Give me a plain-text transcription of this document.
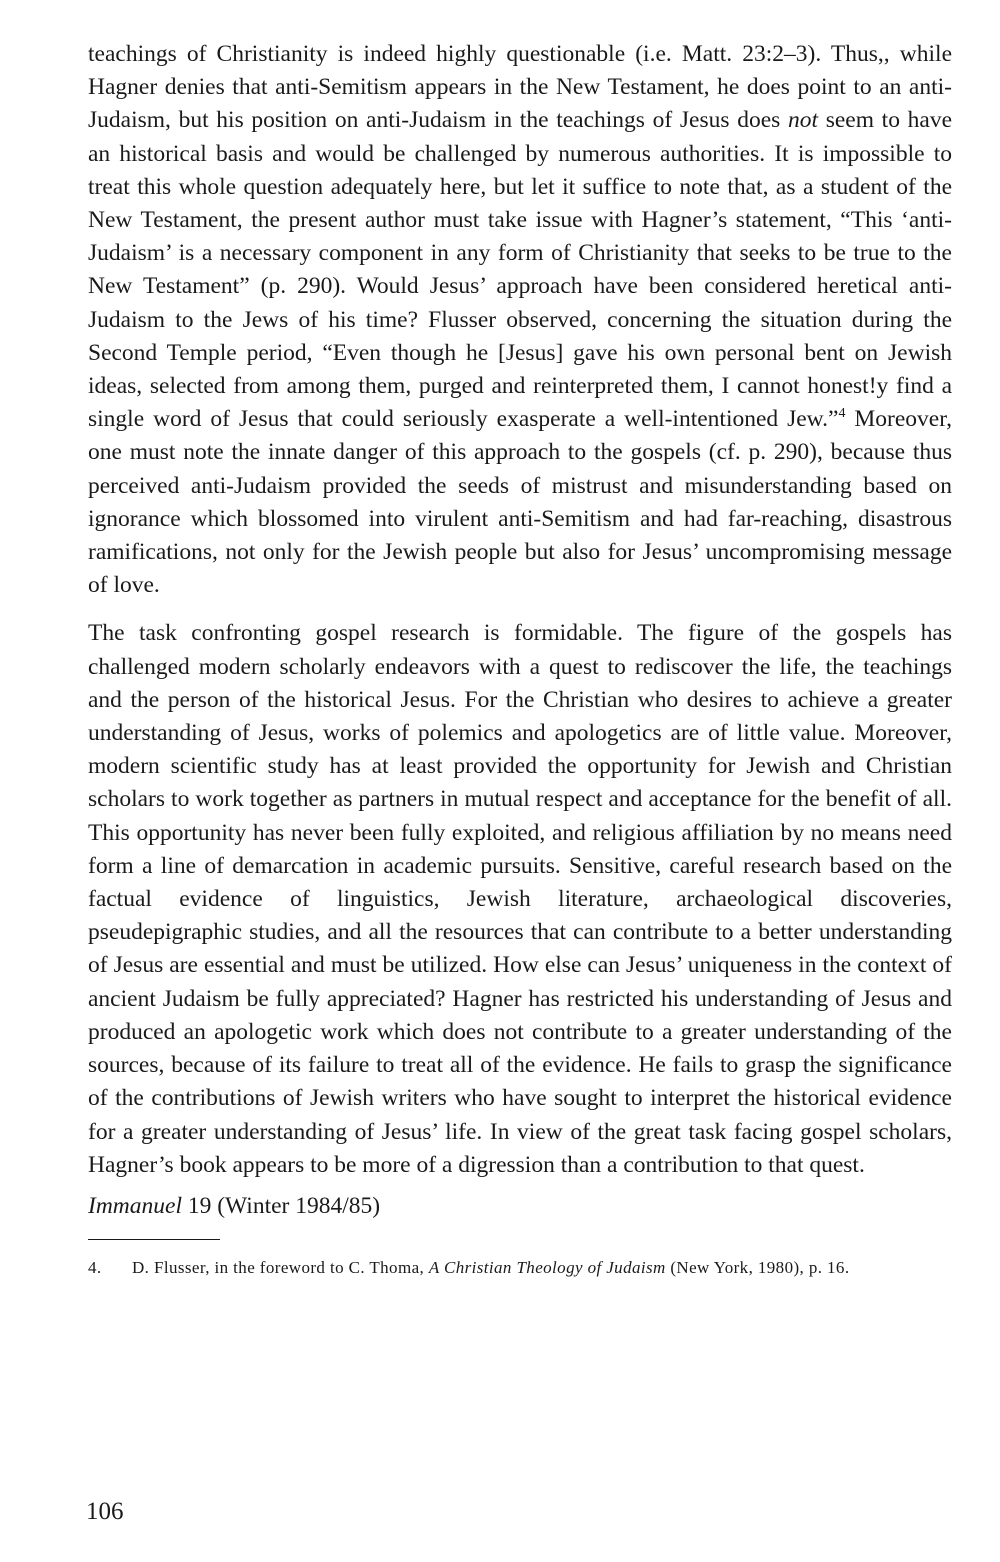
teachings of Christianity is indeed highly questionable (i.e. Matt. 23:2–3). Thus,, while Hagner denies that anti-Semitism appears in the New Testament, he does point to an anti-Judaism, but his position on anti-Judaism in the teachings of Jesus does not seem to have an historical basis and would be challenged by numerous authorities. It is impossible to treat this whole question adequately here, but let it suffice to note that, as a student of the New Testament, the present author must take issue with Hagner’s statement, “This ‘anti-Judaism’ is a necessary component in any form of Christianity that seeks to be true to the New Testament” (p. 290). Would Jesus’ approach have been considered heretical anti-Judaism to the Jews of his time? Flusser observed, concerning the situation during the Second Temple period, “Even though he [Jesus] gave his own personal bent on Jewish ideas, selected from among them, purged and reinterpreted them, I cannot honest!y find a single word of Jesus that could seriously exasperate a well-intentioned Jew.”$^4$ Moreover, one must note the innate danger of this approach to the gospels (cf. p. 290), because thus perceived anti-Judaism provided the seeds of mistrust and misunderstanding based on ignorance which blossomed into virulent anti-Semitism and had far-reaching, disastrous ramifications, not only for the Jewish people but also for Jesus’ uncompromising message of love.

The task confronting gospel research is formidable. The figure of the gospels has challenged modern scholarly endeavors with a quest to rediscover the life, the teachings and the person of the historical Jesus. For the Christian who desires to achieve a greater understanding of Jesus, works of polemics and apologetics are of little value. Moreover, modern scientific study has at least provided the opportunity for Jewish and Christian scholars to work together as partners in mutual respect and acceptance for the benefit of all. This opportunity has never been fully exploited, and religious affiliation by no means need form a line of demarcation in academic pursuits. Sensitive, careful research based on the factual evidence of linguistics, Jewish literature, archaeological discoveries, pseudepigraphic studies, and all the resources that can contribute to a better understanding of Jesus are essential and must be utilized. How else can Jesus’ uniqueness in the context of ancient Judaism be fully appreciated? Hagner has restricted his understanding of Jesus and produced an apologetic work which does not contribute to a greater understanding of the sources, because of its failure to treat all of the evidence. He fails to grasp the significance of the contributions of Jewish writers who have sought to interpret the historical evidence for a greater understanding of Jesus’ life. In view of the great task facing gospel scholars, Hagner’s book appears to be more of a digression than a contribution to that quest.

Immanuel 19 (Winter 1984/85)
4. D. Flusser, in the foreword to C. Thoma, A Christian Theology of Judaism (New York, 1980), p. 16.
106
